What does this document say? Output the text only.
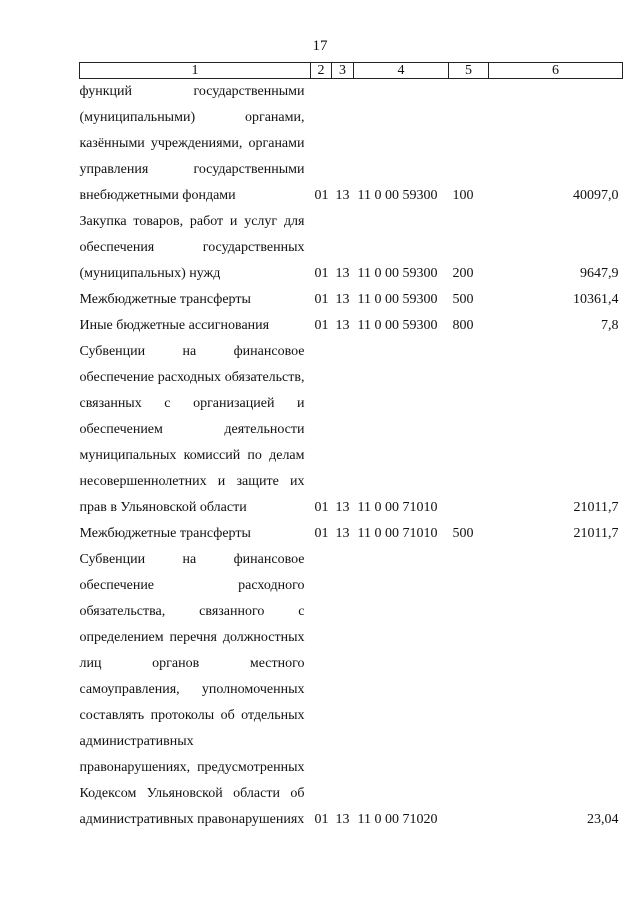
17
1	2	3	4	5	6
функций государственными (муниципальными) органами, казёнными учреждениями, органами управления государственными внебюджетными фондами	01	13	11 0 00 59300	100	40097,0
Закупка товаров, работ и услуг для обеспечения государственных (муниципальных) нужд	01	13	11 0 00 59300	200	9647,9
Межбюджетные трансферты	01	13	11 0 00 59300	500	10361,4
Иные бюджетные ассигнования	01	13	11 0 00 59300	800	7,8
Субвенции на финансовое обеспечение расходных обязательств, связанных с организацией и обеспечением деятельности муниципальных комиссий по делам несовершеннолетних и защите их прав в Ульяновской области	01	13	11 0 00 71010		21011,7
Межбюджетные трансферты	01	13	11 0 00 71010	500	21011,7
Субвенции на финансовое обеспечение расходного обязательства, связанного с определением перечня должностных лиц органов местного самоуправления, уполномоченных составлять протоколы об отдельных административных правонарушениях, предусмотренных Кодексом Ульяновской области об административных правонарушениях	01	13	11 0 00 71020		23,04
